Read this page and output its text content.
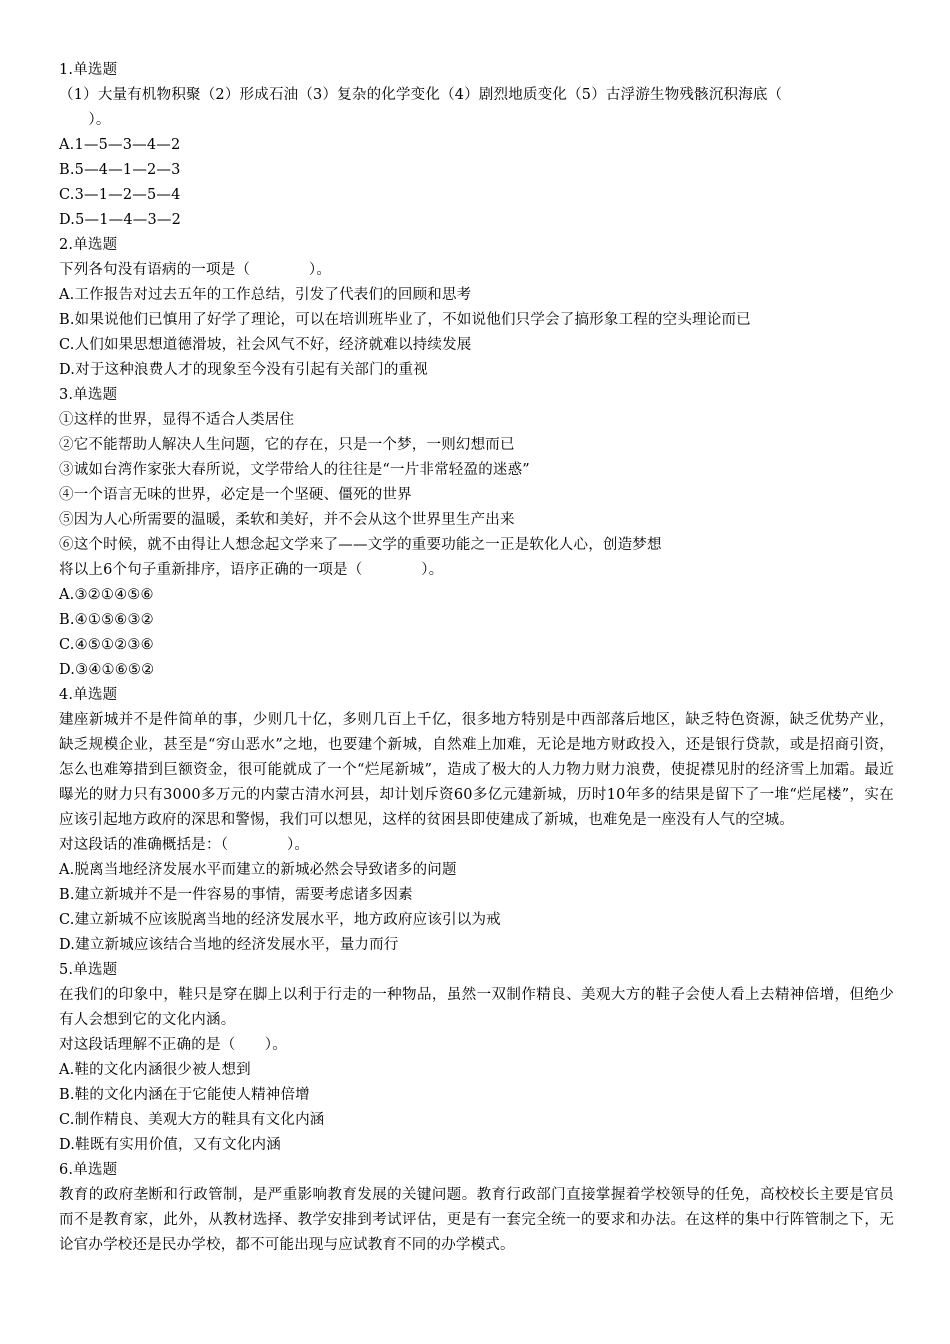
1.单选题
（1）大量有机物积聚（2）形成石油（3）复杂的化学变化（4）剧烈地质变化（5）古浮游生物残骸沉积海底（
　　）。
A.1—5—3—4—2
B.5—4—1—2—3
C.3—1—2—5—4
D.5—1—4—3—2
2.单选题
下列各句没有语病的一项是（　　　　）。
A.工作报告对过去五年的工作总结，引发了代表们的回顾和思考
B.如果说他们已慎用了好学了理论，可以在培训班毕业了，不如说他们只学会了搞形象工程的空头理论而已
C.人们如果思想道德滑坡，社会风气不好，经济就难以持续发展
D.对于这种浪费人才的现象至今没有引起有关部门的重视
3.单选题
①这样的世界，显得不适合人类居住
②它不能帮助人解决人生问题，它的存在，只是一个梦，一则幻想而已
③诚如台湾作家张大春所说，文学带给人的往往是“一片非常轻盈的迷惑”
④一个语言无味的世界，必定是一个坚硬、僵死的世界
⑤因为人心所需要的温暖，柔软和美好，并不会从这个世界里生产出来
⑥这个时候，就不由得让人想念起文学来了——文学的重要功能之一正是软化人心，创造梦想
将以上6个句子重新排序，语序正确的一项是（　　　　）。
A.③②①④⑤⑥
B.④①⑤⑥③②
C.④⑤①②③⑥
D.③④①⑥⑤②
4.单选题
建座新城并不是件简单的事，少则几十亿，多则几百上千亿，很多地方特别是中西部落后地区，缺乏特色资源，缺乏优势产业，缺乏规模企业，甚至是“穷山恶水”之地，也要建个新城，自然难上加难，无论是地方财政投入，还是银行贷款，或是招商引资，怎么也难筹措到巨额资金，很可能就成了一个“烂尾新城”，造成了极大的人力物力财力浪费，使捉襟见肘的经济雪上加霜。最近曝光的财力只有3000多万元的内蒙古清水河县，却计划斥资60多亿元建新城，历时10年多的结果是留下了一堆“烂尾楼”，实在应该引起地方政府的深思和警惕，我们可以想见，这样的贫困县即使建成了新城，也难免是一座没有人气的空城。
对这段话的准确概括是：（　　　　）。
A.脱离当地经济发展水平而建立的新城必然会导致诸多的问题
B.建立新城并不是一件容易的事情，需要考虑诸多因素
C.建立新城不应该脱离当地的经济发展水平，地方政府应该引以为戒
D.建立新城应该结合当地的经济发展水平，量力而行
5.单选题
在我们的印象中，鞋只是穿在脚上以利于行走的一种物品，虽然一双制作精良、美观大方的鞋子会使人看上去精神倍增，但绝少有人会想到它的文化内涵。
对这段话理解不正确的是（　　）。
A.鞋的文化内涵很少被人想到
B.鞋的文化内涵在于它能使人精神倍增
C.制作精良、美观大方的鞋具有文化内涵
D.鞋既有实用价值，又有文化内涵
6.单选题
教育的政府垄断和行政管制，是严重影响教育发展的关键问题。教育行政部门直接掌握着学校领导的任免，高校校长主要是官员而不是教育家，此外，从教材选择、教学安排到考试评估，更是有一套完全统一的要求和办法。在这样的集中行阵管制之下，无论官办学校还是民办学校，都不可能出现与应试教育不同的办学模式。
